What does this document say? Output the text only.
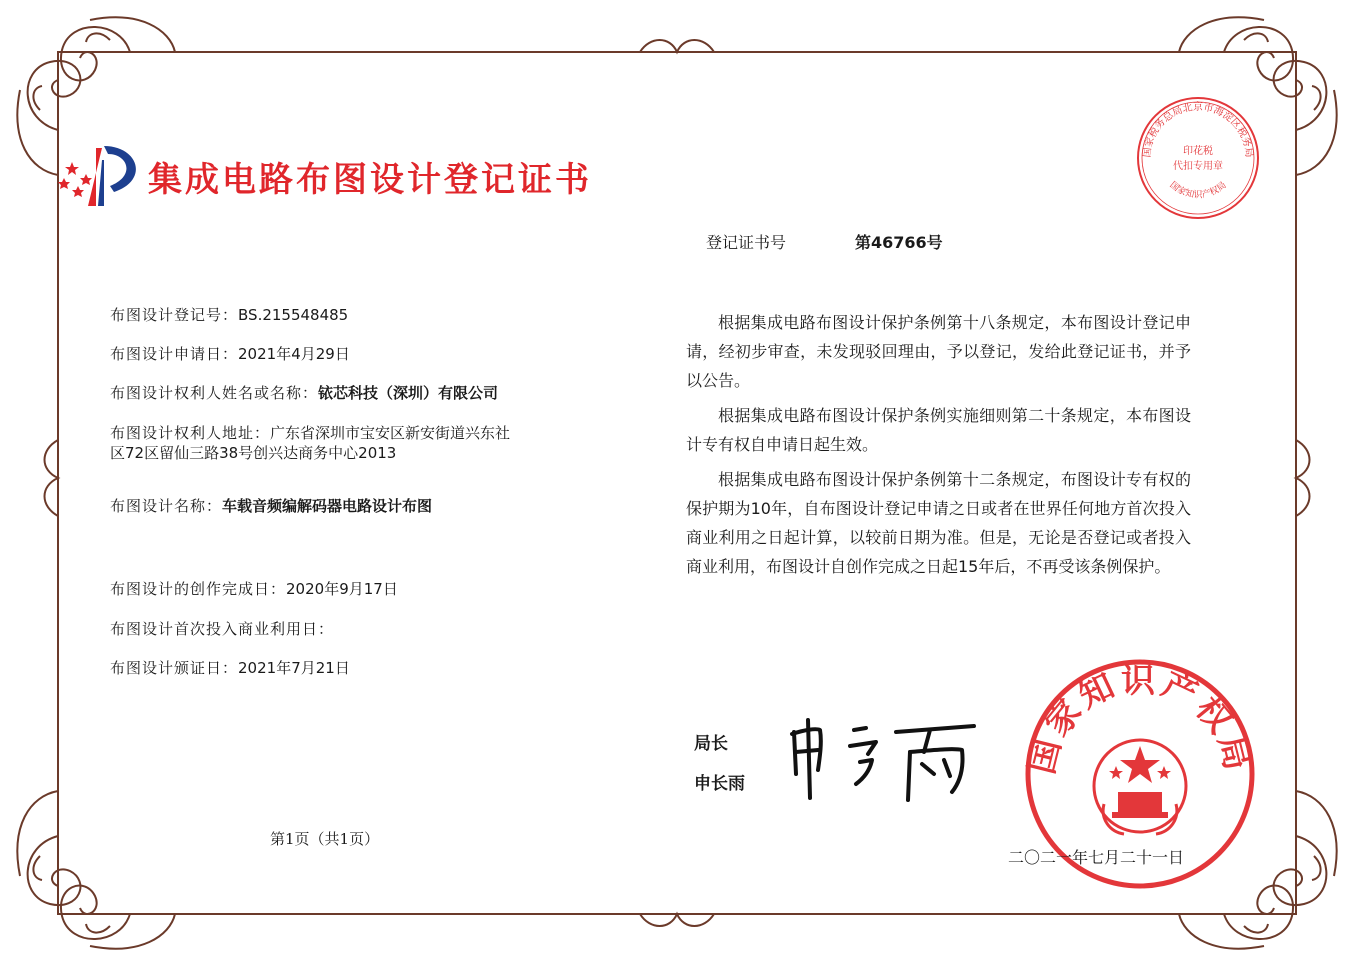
集成电路布图设计登记证书
登记证书号	第46766号
布图设计登记号：BS.215548485
布图设计申请日：2021年4月29日
布图设计权利人姓名或名称：铱芯科技（深圳）有限公司
布图设计权利人地址：广东省深圳市宝安区新安街道兴东社区72区留仙三路38号创兴达商务中心2013
布图设计名称：车载音频编解码器电路设计布图
布图设计的创作完成日：2020年9月17日
布图设计首次投入商业利用日：
布图设计颁证日：2021年7月21日

根据集成电路布图设计保护条例第十八条规定，本布图设计登记申请，经初步审查，未发现驳回理由，予以登记，发给此登记证书，并予以公告。

根据集成电路布图设计保护条例实施细则第二十条规定，本布图设计专有权自申请日起生效。

根据集成电路布图设计保护条例第十二条规定，布图设计专有权的保护期为10年，自布图设计登记申请之日或者在世界任何地方首次投入商业利用之日起计算，以较前日期为准。但是，无论是否登记或者投入商业利用，布图设计自创作完成之日起15年后，不再受该条例保护。

国家税务总局北京市海淀区税务局
印花税
代扣专用章
国家知识产权局
局长
申长雨
国家知识产权局
第1页（共1页）
二〇二一年七月二十一日
